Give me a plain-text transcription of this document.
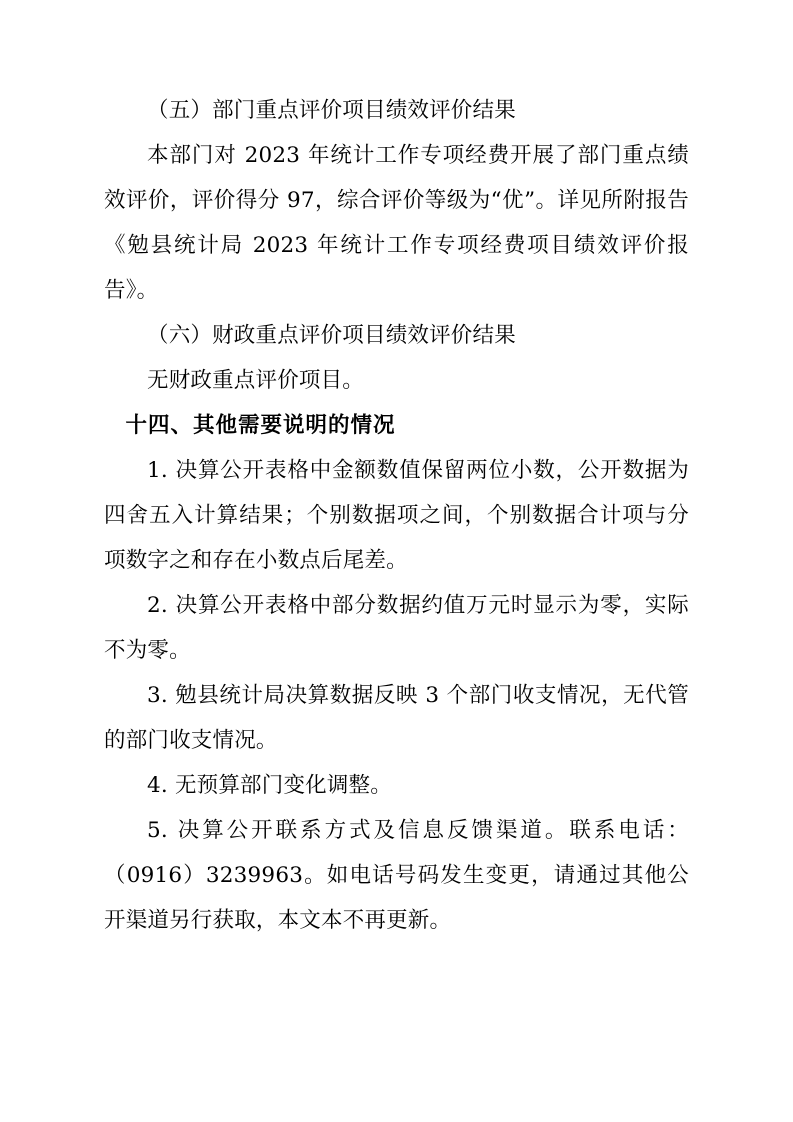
（五）部门重点评价项目绩效评价结果

本部门对 2023 年统计工作专项经费开展了部门重点绩效评价，评价得分 97，综合评价等级为“优”。详见所附报告《勉县统计局 2023 年统计工作专项经费项目绩效评价报告》。

（六）财政重点评价项目绩效评价结果

无财政重点评价项目。

十四、其他需要说明的情况

1. 决算公开表格中金额数值保留两位小数，公开数据为四舍五入计算结果；个别数据项之间，个别数据合计项与分项数字之和存在小数点后尾差。

2. 决算公开表格中部分数据约值万元时显示为零，实际不为零。

3. 勉县统计局决算数据反映 3 个部门收支情况，无代管的部门收支情况。

4. 无预算部门变化调整。

5. 决算公开联系方式及信息反馈渠道。联系电话：（0916）3239963。如电话号码发生变更，请通过其他公开渠道另行获取，本文本不再更新。
